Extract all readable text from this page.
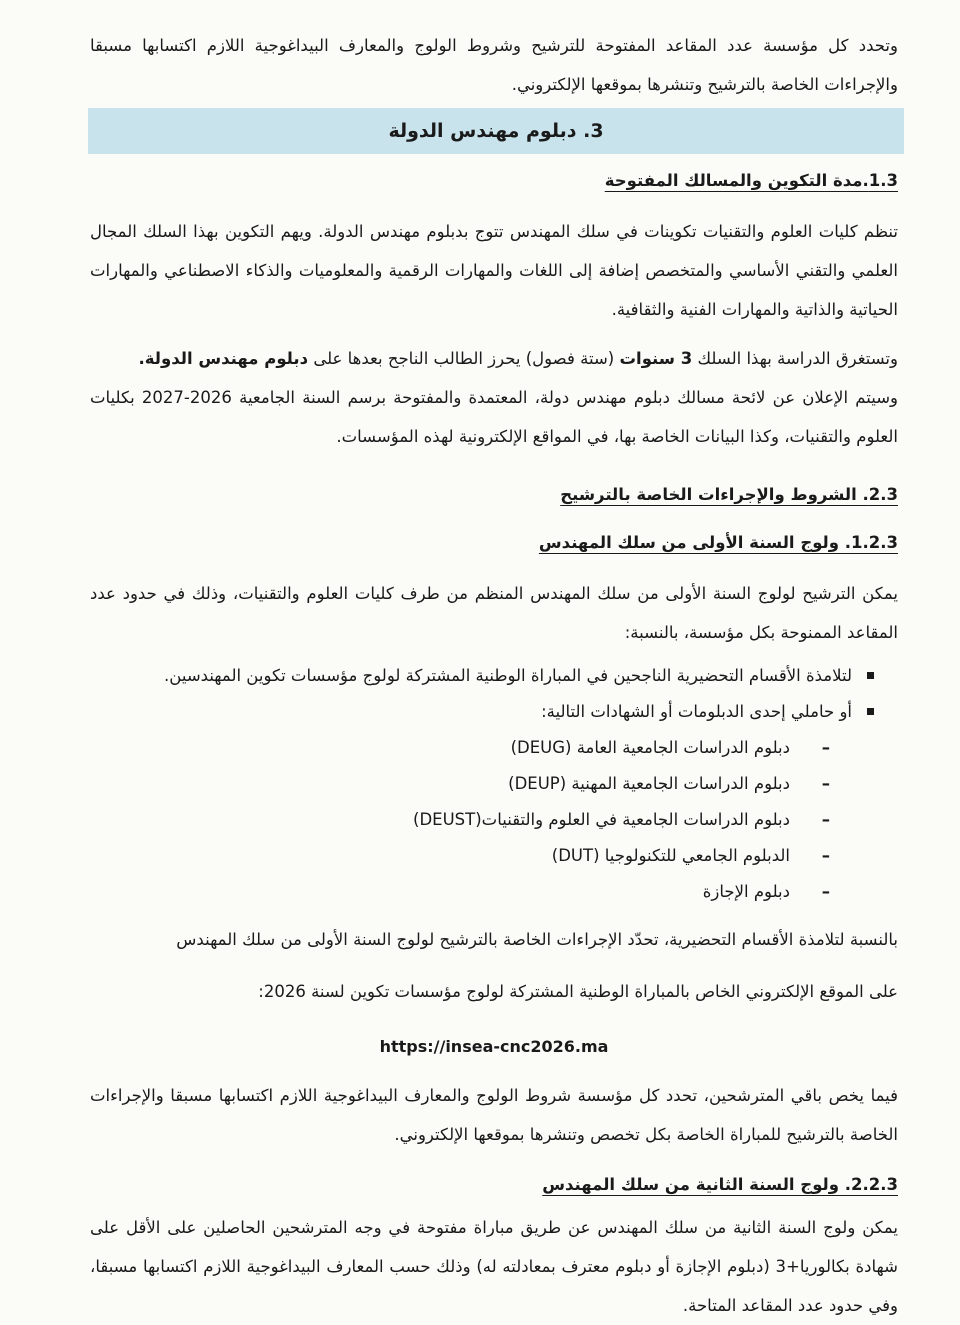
وتحدد كل مؤسسة عدد المقاعد المفتوحة للترشيح وشروط الولوج والمعارف البيداغوجية اللازم اكتسابها مسبقا والإجراءات الخاصة بالترشيح وتنشرها بموقعها الإلكتروني.

3. دبلوم مهندس الدولة
1.3.مدة التكوين والمسالك المفتوحة

تنظم كليات العلوم والتقنيات تكوينات في سلك المهندس تتوج بدبلوم مهندس الدولة. ويهم التكوين بهذا السلك المجال العلمي والتقني الأساسي والمتخصص إضافة إلى اللغات والمهارات الرقمية والمعلوميات والذكاء الاصطناعي والمهارات الحياتية والذاتية والمهارات الفنية والثقافية.

وتستغرق الدراسة بهذا السلك 3 سنوات (ستة فصول) يحرز الطالب الناجح بعدها على دبلوم مهندس الدولة.

وسيتم الإعلان عن لائحة مسالك دبلوم مهندس دولة، المعتمدة والمفتوحة برسم السنة الجامعية 2026-2027 بكليات العلوم والتقنيات، وكذا البيانات الخاصة بها، في المواقع الإلكترونية لهذه المؤسسات.

2.3. الشروط والإجراءات الخاصة بالترشيح
1.2.3. ولوج السنة الأولى من سلك المهندس

يمكن الترشيح لولوج السنة الأولى من سلك المهندس المنظم من طرف كليات العلوم والتقنيات، وذلك في حدود عدد المقاعد الممنوحة بكل مؤسسة، بالنسبة:

لتلامذة الأقسام التحضيرية الناجحين في المباراة الوطنية المشتركة لولوج مؤسسات تكوين المهندسين.
أو حاملي إحدى الدبلومات أو الشهادات التالية:
– دبلوم الدراسات الجامعية العامة (DEUG)
– دبلوم الدراسات الجامعية المهنية (DEUP)
– دبلوم الدراسات الجامعية في العلوم والتقنيات(DEUST)
– الدبلوم الجامعي للتكنولوجيا (DUT)
– دبلوم الإجازة

بالنسبة لتلامذة الأقسام التحضيرية، تحدّد الإجراءات الخاصة بالترشيح لولوج السنة الأولى من سلك المهندس

على الموقع الإلكتروني الخاص بالمباراة الوطنية المشتركة لولوج مؤسسات تكوين لسنة 2026:

https://insea-cnc2026.ma

فيما يخص باقي المترشحين، تحدد كل مؤسسة شروط الولوج والمعارف البيداغوجية اللازم اكتسابها مسبقا والإجراءات الخاصة بالترشيح للمباراة الخاصة بكل تخصص وتنشرها بموقعها الإلكتروني.

2.2.3. ولوج السنة الثانية من سلك المهندس

يمكن ولوج السنة الثانية من سلك المهندس عن طريق مباراة مفتوحة في وجه المترشحين الحاصلين على الأقل على شهادة بكالوريا+3 (دبلوم الإجازة أو دبلوم معترف بمعادلته له) وذلك حسب المعارف البيداغوجية اللازم اكتسابها مسبقا، وفي حدود عدد المقاعد المتاحة.
